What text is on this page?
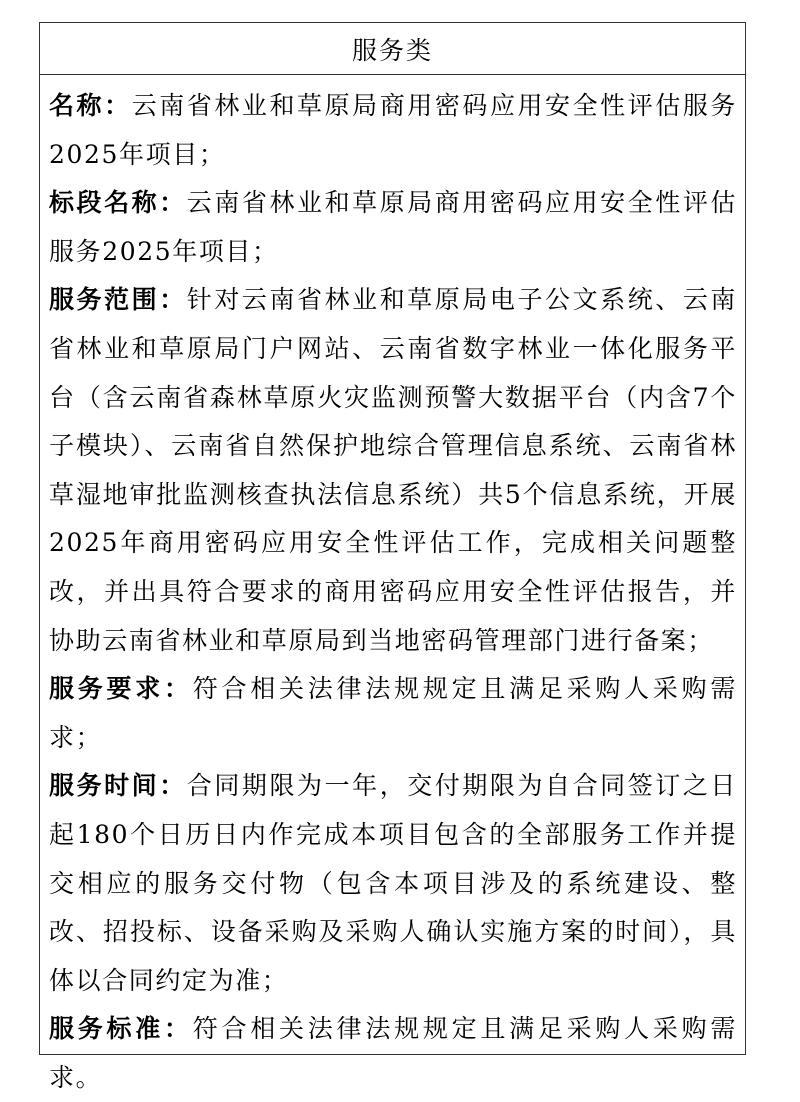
服务类

名称：云南省林业和草原局商用密码应用安全性评估服务2025年项目；

标段名称：云南省林业和草原局商用密码应用安全性评估服务2025年项目；

服务范围：针对云南省林业和草原局电子公文系统、云南省林业和草原局门户网站、云南省数字林业一体化服务平台（含云南省森林草原火灾监测预警大数据平台（内含7个子模块）、云南省自然保护地综合管理信息系统、云南省林草湿地审批监测核查执法信息系统）共5个信息系统，开展2025年商用密码应用安全性评估工作，完成相关问题整改，并出具符合要求的商用密码应用安全性评估报告，并协助云南省林业和草原局到当地密码管理部门进行备案；

服务要求：符合相关法律法规规定且满足采购人采购需求；

服务时间：合同期限为一年，交付期限为自合同签订之日起180个日历日内作完成本项目包含的全部服务工作并提交相应的服务交付物（包含本项目涉及的系统建设、整改、招投标、设备采购及采购人确认实施方案的时间），具体以合同约定为准；

服务标准：符合相关法律法规规定且满足采购人采购需求。
